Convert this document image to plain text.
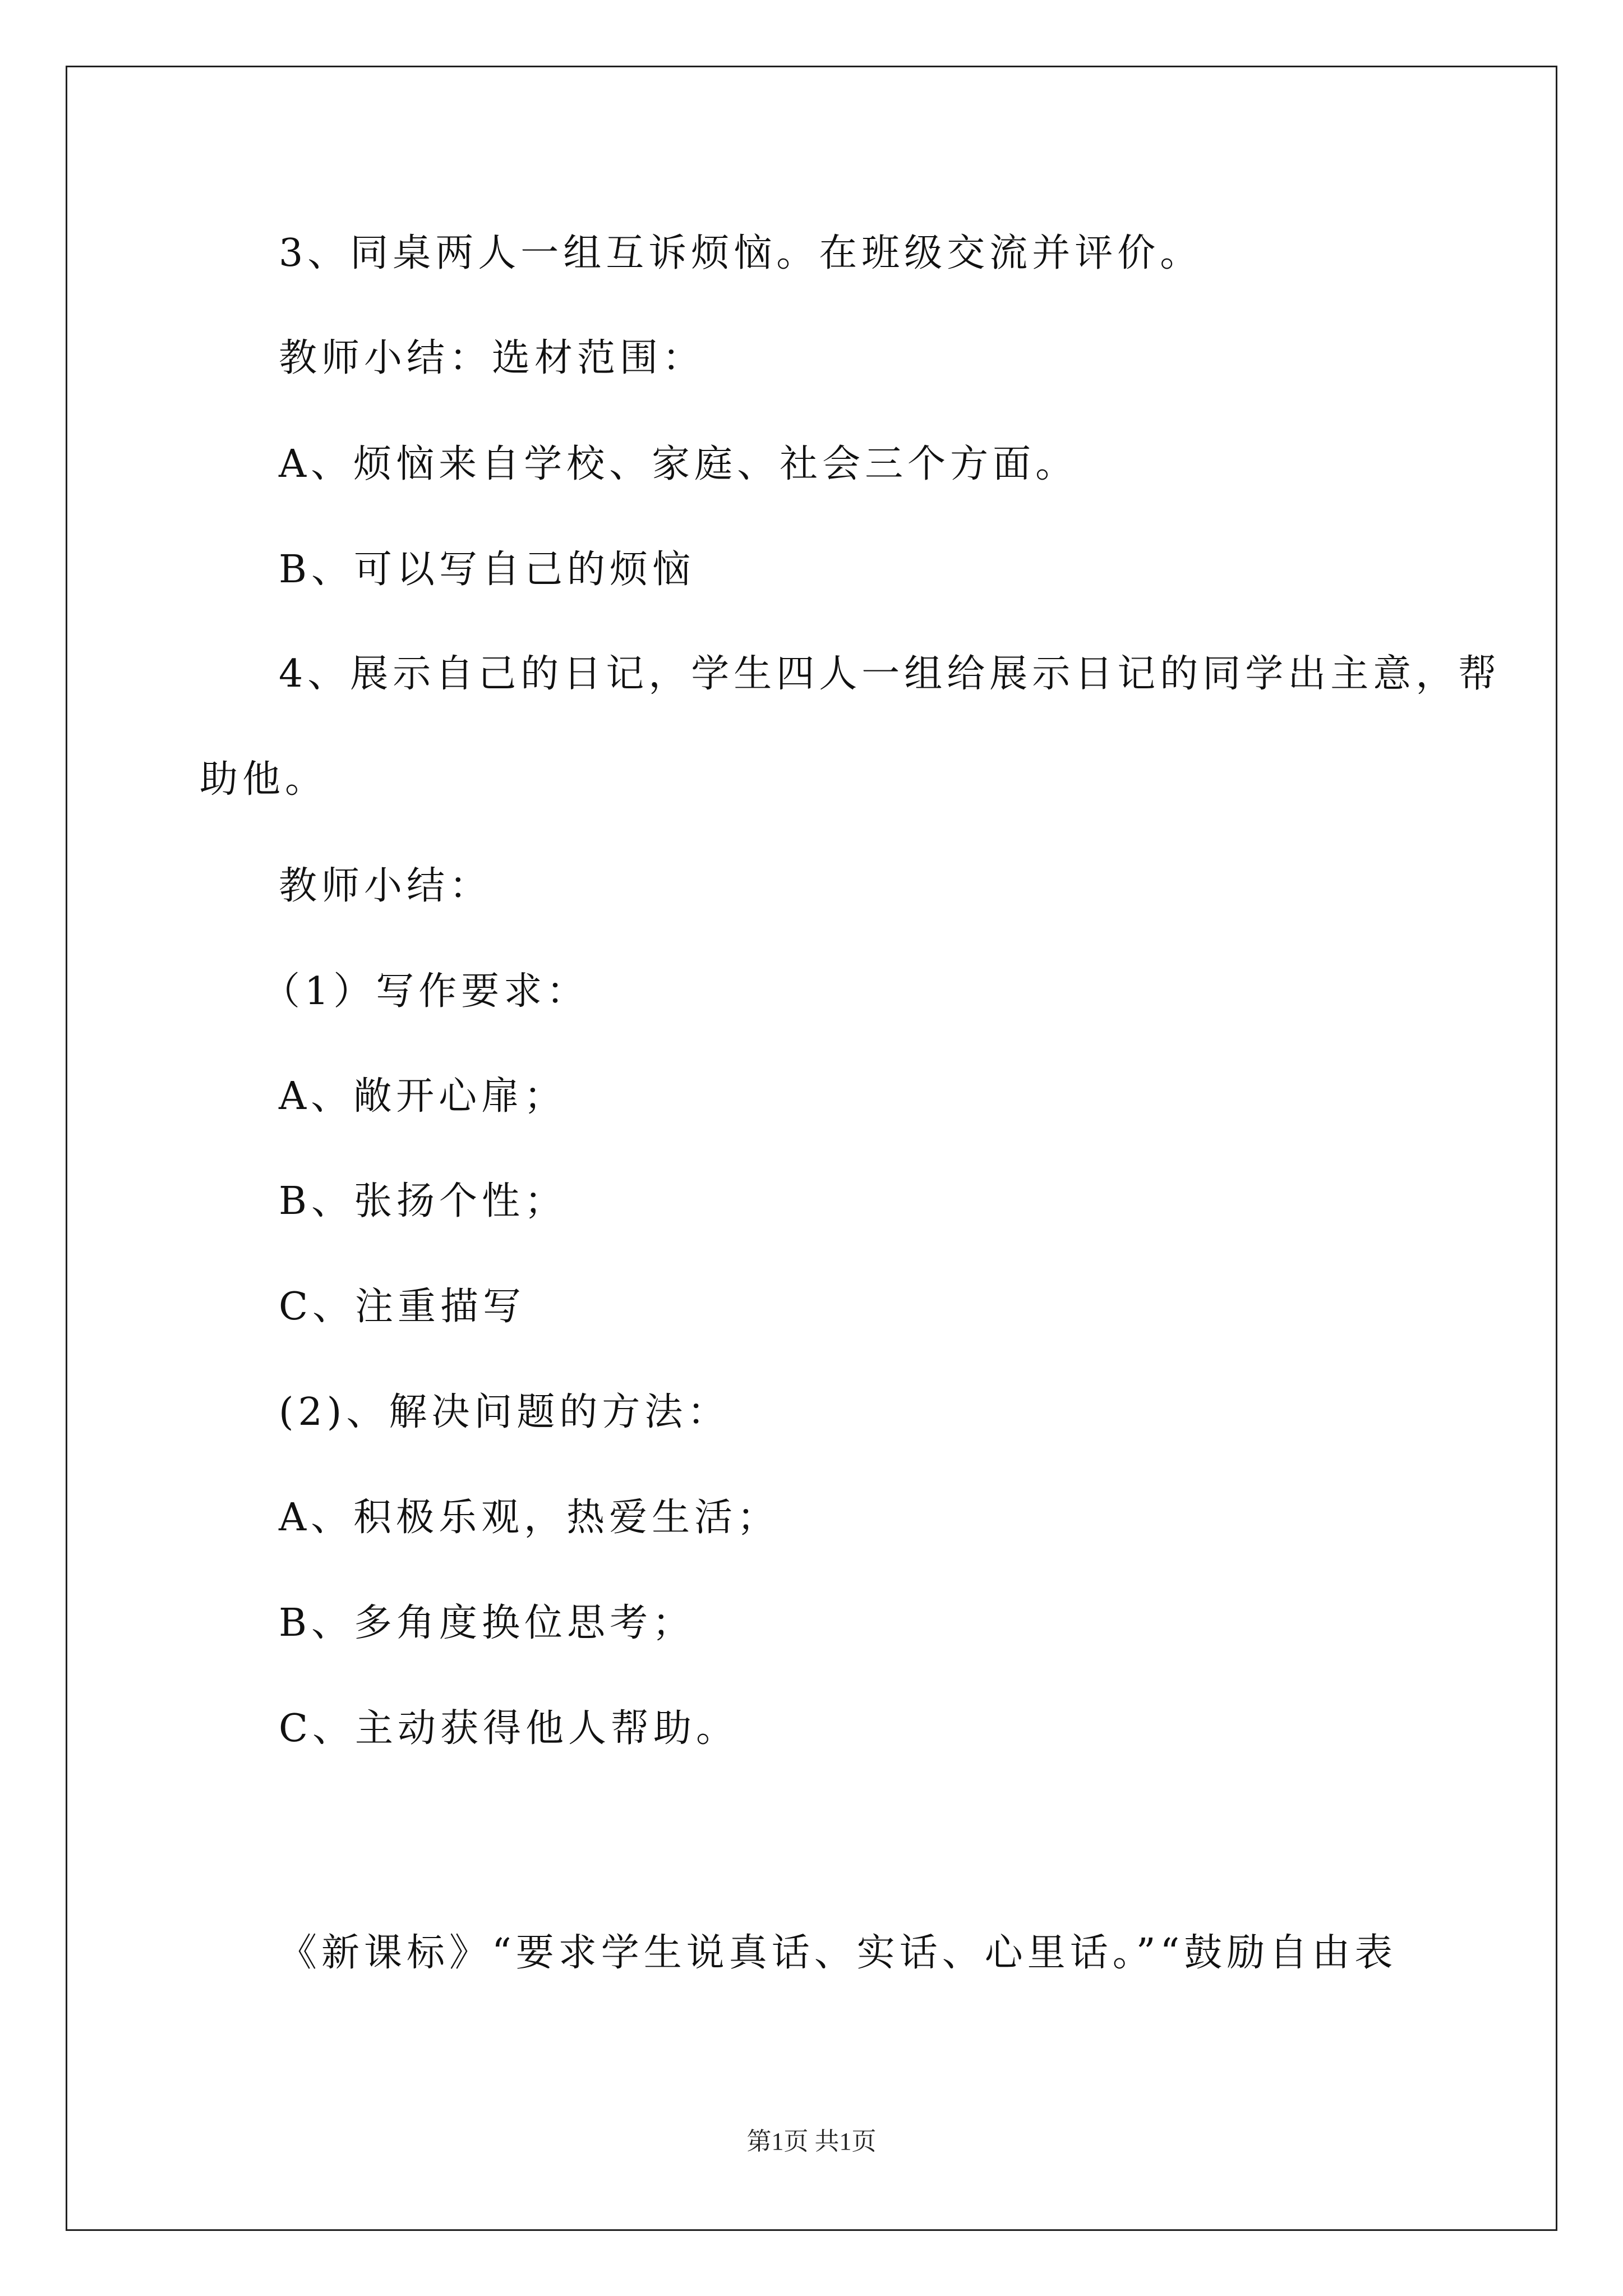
3、同桌两人一组互诉烦恼。在班级交流并评价。

教师小结：选材范围：

A、烦恼来自学校、家庭、社会三个方面。

B、可以写自己的烦恼

4、展示自己的日记，学生四人一组给展示日记的同学出主意，帮

助他。

教师小结：

（1）写作要求：

A、敞开心扉；

B、张扬个性；

C、注重描写

(2)、解决问题的方法：

A、积极乐观，热爱生活；

B、多角度换位思考；

C、主动获得他人帮助。

《新课标》“要求学生说真话、实话、心里话。”“鼓励自由表

第1页 共1页
